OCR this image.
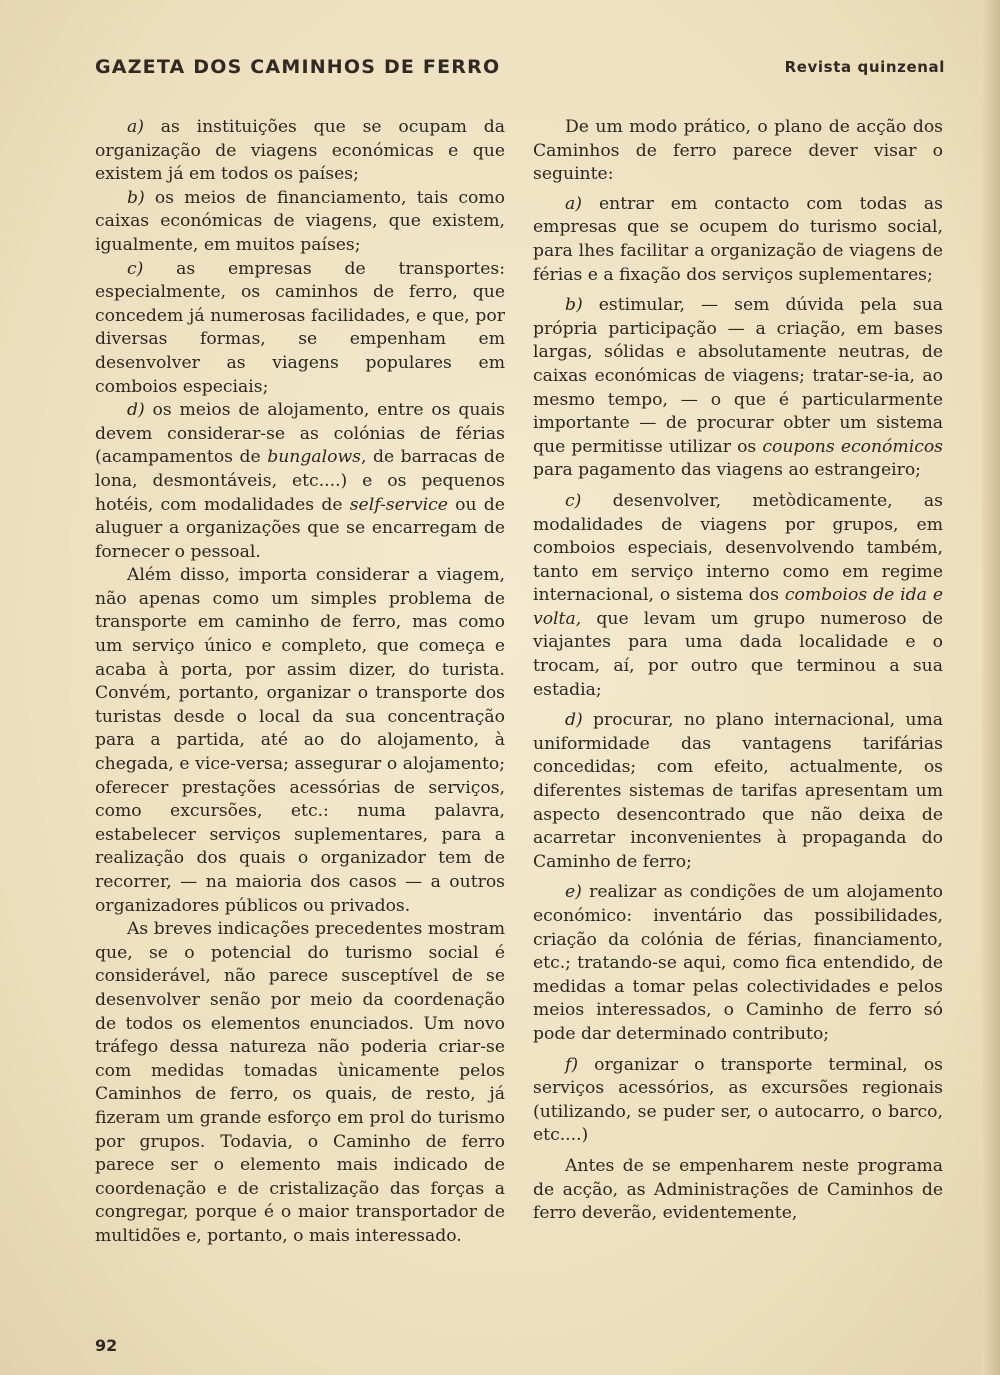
GAZETA DOS CAMINHOS DE FERRO	Revista quinzenal

a) as instituições que se ocupam da organização de viagens económicas e que existem já em todos os países;

b) os meios de financiamento, tais como caixas económicas de viagens, que existem, igualmente, em muitos países;

c) as empresas de transportes: especialmente, os caminhos de ferro, que concedem já numerosas facilidades, e que, por diversas formas, se empenham em desenvolver as viagens populares em comboios especiais;

d) os meios de alojamento, entre os quais devem considerar-se as colónias de férias (acampamentos de bungalows, de barracas de lona, desmontáveis, etc....) e os pequenos hotéis, com modalidades de self-service ou de aluguer a organizações que se encarregam de fornecer o pessoal.

Além disso, importa considerar a viagem, não apenas como um simples problema de transporte em caminho de ferro, mas como um serviço único e completo, que começa e acaba à porta, por assim dizer, do turista. Convém, portanto, organizar o transporte dos turistas desde o local da sua concentração para a partida, até ao do alojamento, à chegada, e vice-versa; assegurar o alojamento; oferecer prestações acessórias de serviços, como excursões, etc.: numa palavra, estabelecer serviços suplementares, para a realização dos quais o organizador tem de recorrer, — na maioria dos casos — a outros organizadores públicos ou privados.

As breves indicações precedentes mostram que, se o potencial do turismo social é considerável, não parece susceptível de se desenvolver senão por meio da coordenação de todos os elementos enunciados. Um novo tráfego dessa natureza não poderia criar-se com medidas tomadas ùnicamente pelos Caminhos de ferro, os quais, de resto, já fizeram um grande esforço em prol do turismo por grupos. Todavia, o Caminho de ferro parece ser o elemento mais indicado de coordenação e de cristalização das forças a congregar, porque é o maior transportador de multidões e, portanto, o mais interessado.

De um modo prático, o plano de acção dos Caminhos de ferro parece dever visar o seguinte:

a) entrar em contacto com todas as empresas que se ocupem do turismo social, para lhes facilitar a organização de viagens de férias e a fixação dos serviços suplementares;

b) estimular, — sem dúvida pela sua própria participação — a criação, em bases largas, sólidas e absolutamente neutras, de caixas económicas de viagens; tratar-se-ia, ao mesmo tempo, — o que é particularmente importante — de procurar obter um sistema que permitisse utilizar os coupons económicos para pagamento das viagens ao estrangeiro;

c) desenvolver, metòdicamente, as modalidades de viagens por grupos, em comboios especiais, desenvolvendo também, tanto em serviço interno como em regime internacional, o sistema dos comboios de ida e volta, que levam um grupo numeroso de viajantes para uma dada localidade e o trocam, aí, por outro que terminou a sua estadia;

d) procurar, no plano internacional, uma uniformidade das vantagens tarifárias concedidas; com efeito, actualmente, os diferentes sistemas de tarifas apresentam um aspecto desencontrado que não deixa de acarretar inconvenientes à propaganda do Caminho de ferro;

e) realizar as condições de um alojamento económico: inventário das possibilidades, criação da colónia de férias, financiamento, etc.; tratando-se aqui, como fica entendido, de medidas a tomar pelas colectividades e pelos meios interessados, o Caminho de ferro só pode dar determinado contributo;

f) organizar o transporte terminal, os serviços acessórios, as excursões regionais (utilizando, se puder ser, o autocarro, o barco, etc....)

Antes de se empenharem neste programa de acção, as Administrações de Caminhos de ferro deverão, evidentemente,

92
